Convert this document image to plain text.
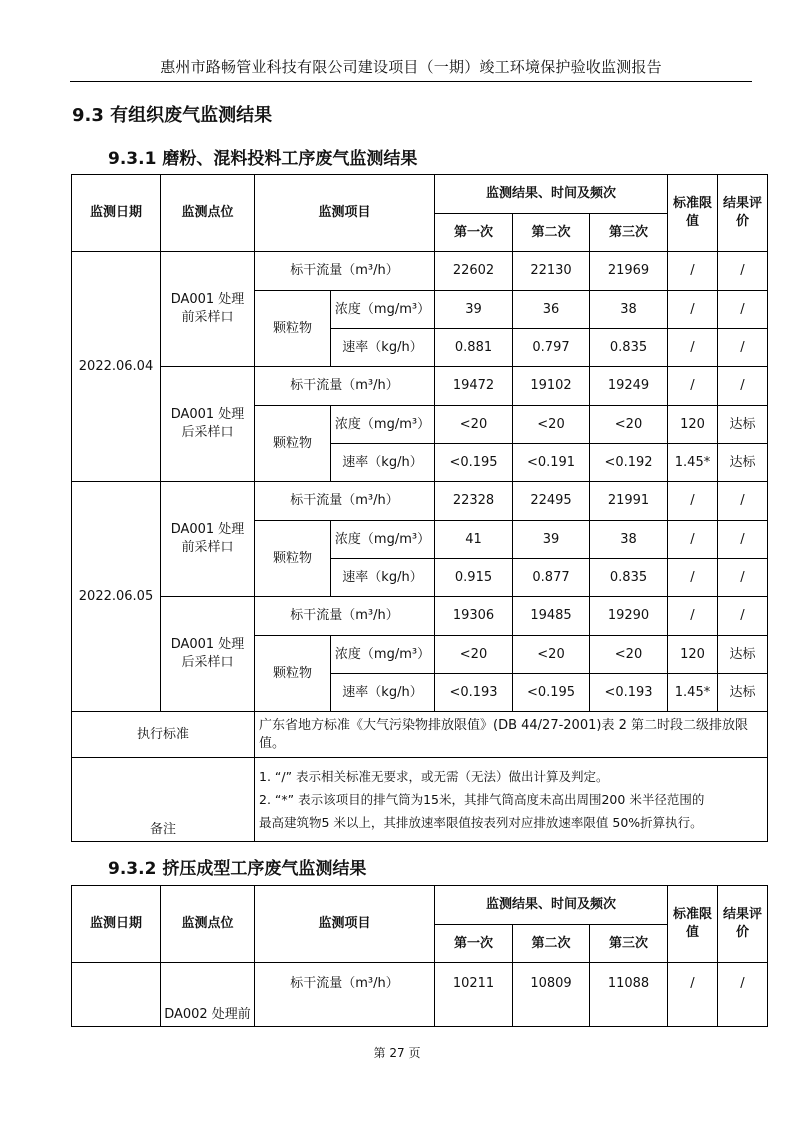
惠州市路畅管业科技有限公司建设项目（一期）竣工环境保护验收监测报告
9.3 有组织废气监测结果
9.3.1 磨粉、混料投料工序废气监测结果
监测日期	监测点位	监测项目		监测结果、时间及频次			标准限值	结果评价
				第一次	第二次	第三次		
2022.06.04	DA001 处理前采样口	标干流量（m³/h）		22602	22130	21969	/	/
		颗粒物	浓度（mg/m³）	39	36	38	/	/
			速率（kg/h）	0.881	0.797	0.835	/	/
	DA001 处理后采样口	标干流量（m³/h）		19472	19102	19249	/	/
		颗粒物	浓度（mg/m³）	<20	<20	<20	120	达标
			速率（kg/h）	<0.195	<0.191	<0.192	1.45*	达标
2022.06.05	DA001 处理前采样口	标干流量（m³/h）		22328	22495	21991	/	/
		颗粒物	浓度（mg/m³）	41	39	38	/	/
			速率（kg/h）	0.915	0.877	0.835	/	/
	DA001 处理后采样口	标干流量（m³/h）		19306	19485	19290	/	/
		颗粒物	浓度（mg/m³）	<20	<20	<20	120	达标
			速率（kg/h）	<0.193	<0.195	<0.193	1.45*	达标
执行标准		广东省地方标准《大气污染物排放限值》(DB 44/27-2001)表 2 第二时段二级排放限值。						
备注		1. “/” 表示相关标准无要求，或无需（无法）做出计算及判定。
2. “*” 表示该项目的排气筒为15米，其排气筒高度未高出周围200 米半径范围的
最高建筑物5 米以上，其排放速率限值按表列对应排放速率限值 50%折算执行。						
9.3.2 挤压成型工序废气监测结果
监测日期	监测点位	监测项目	监测结果、时间及频次			标准限值	结果评价
			第一次	第二次	第三次		
	DA002 处理前	标干流量（m³/h）	10211	10809	11088	/	/
第 27 页
